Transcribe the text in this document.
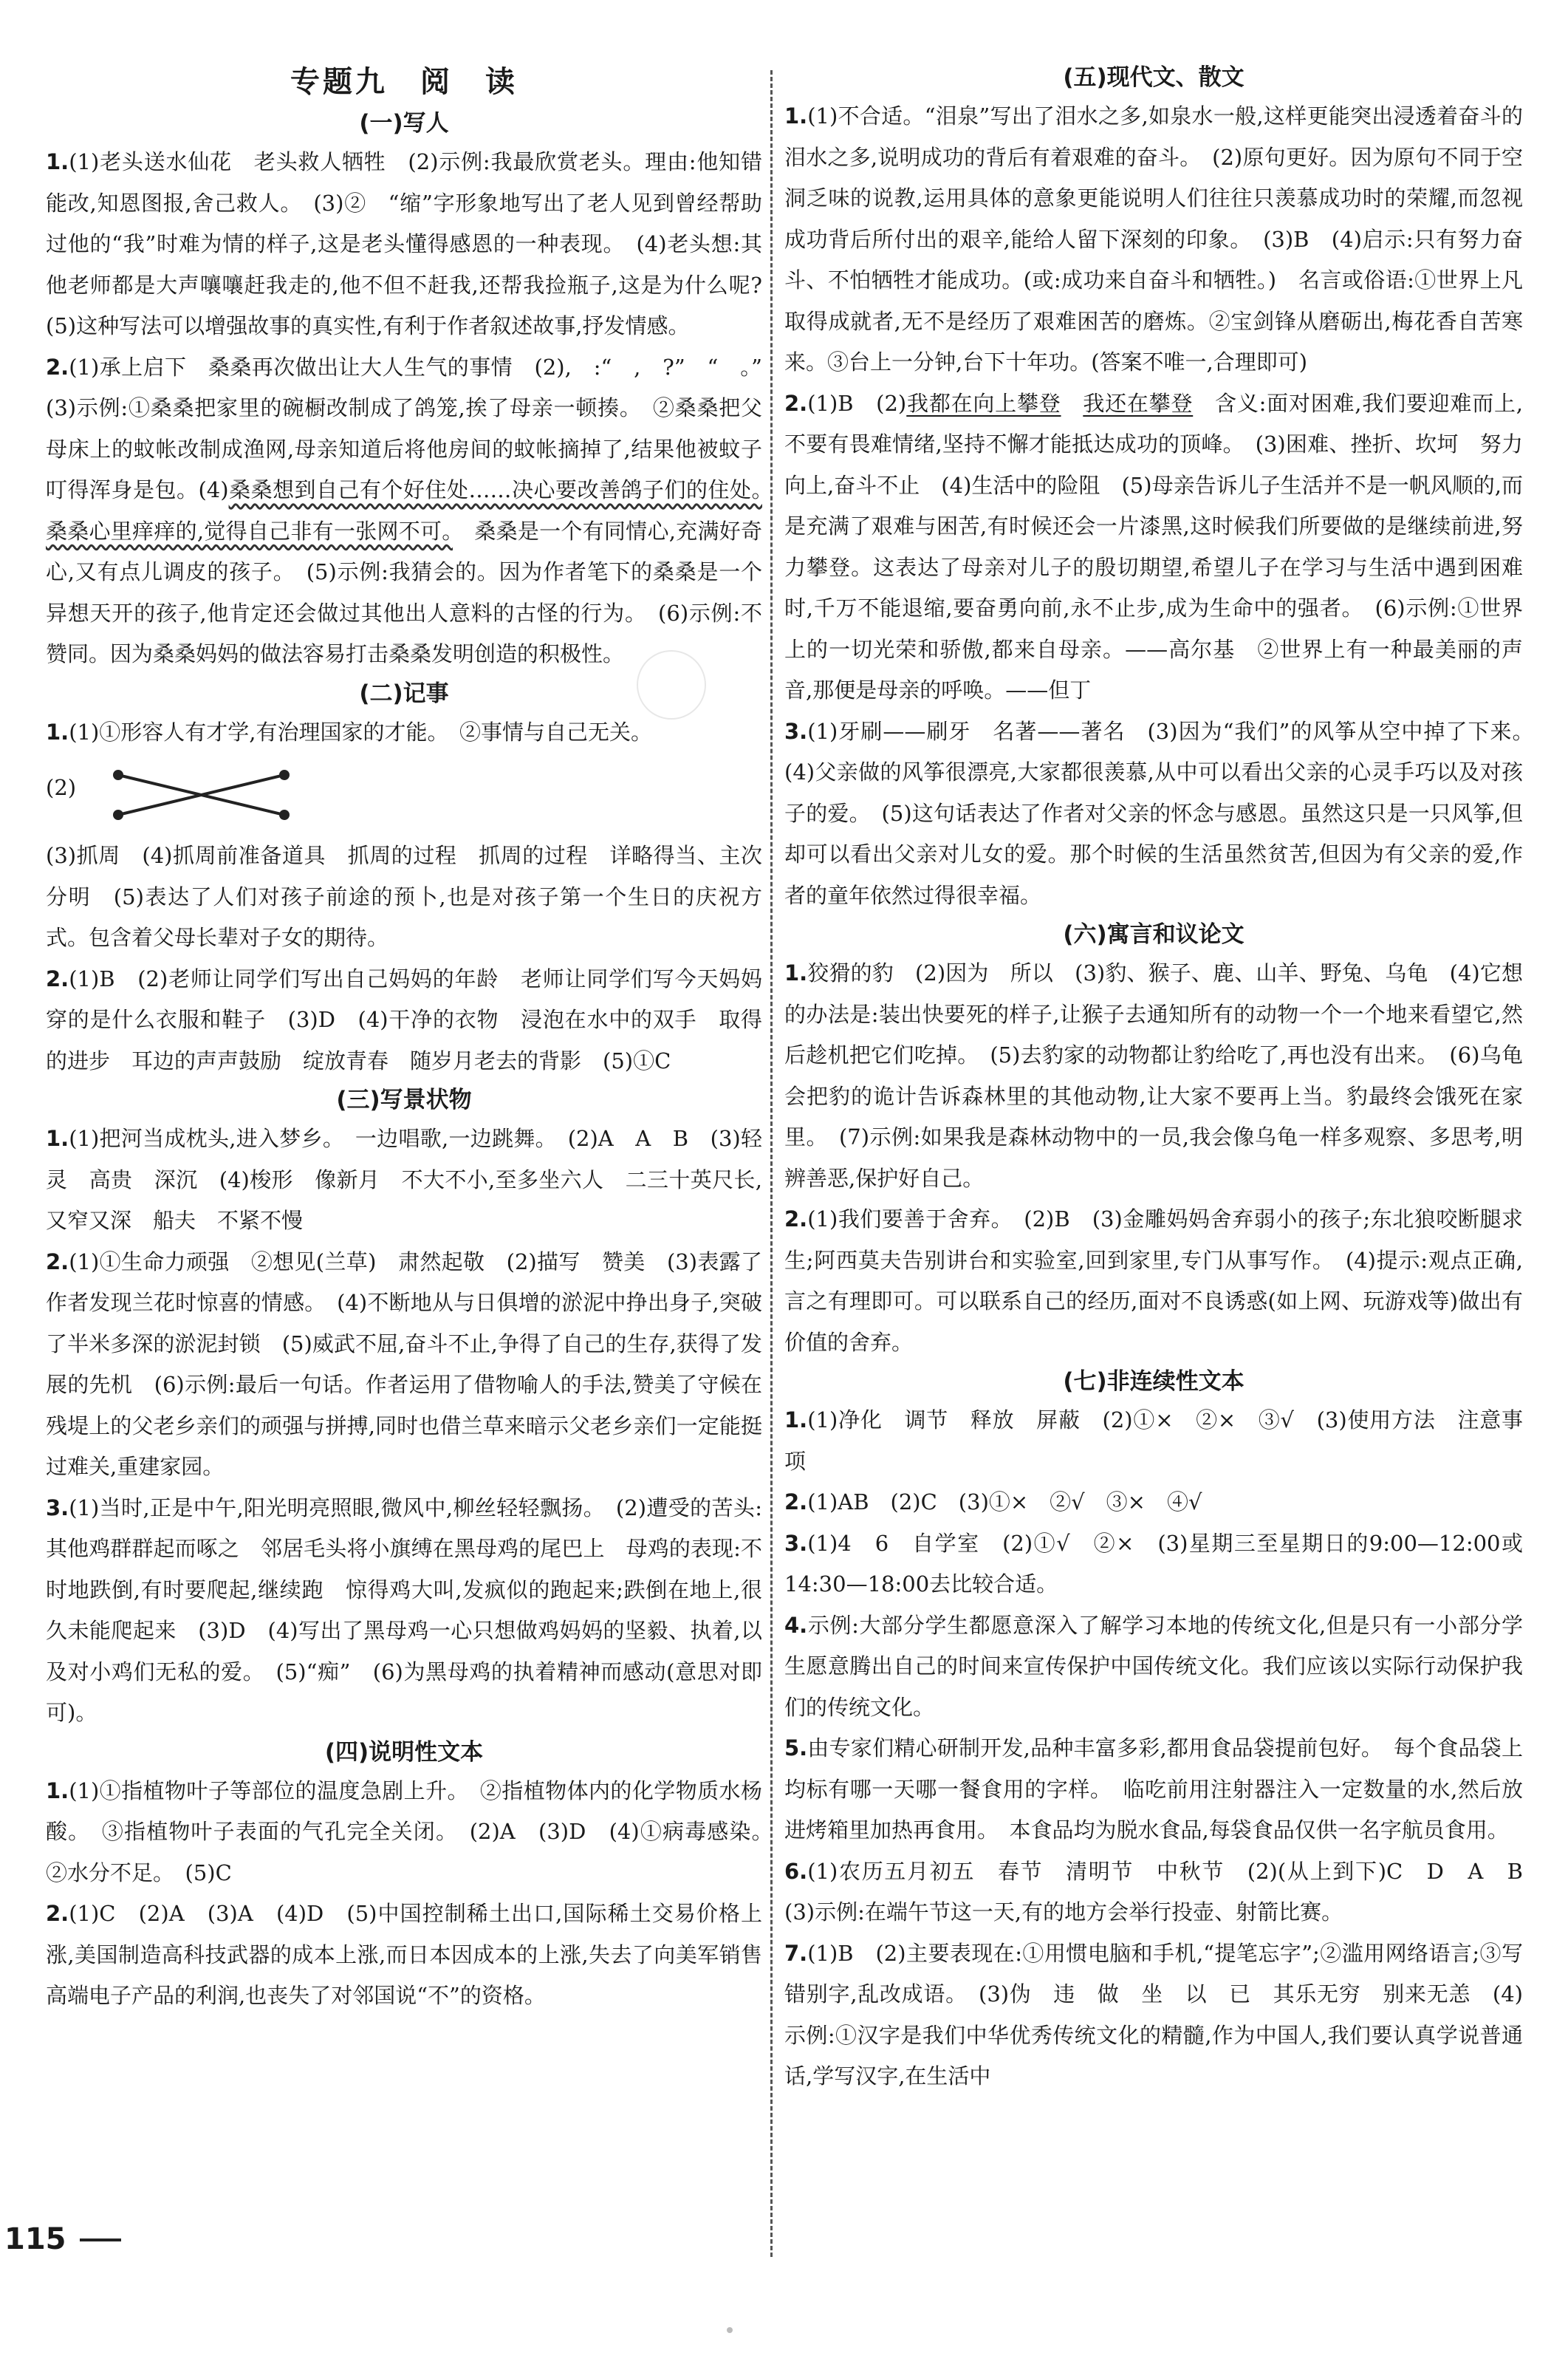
专题九　阅　读
(一)写人

1.(1)老头送水仙花　老头救人牺牲　(2)示例:我最欣赏老头。理由:他知错能改,知恩图报,舍己救人。　(3)②　“缩”字形象地写出了老人见到曾经帮助过他的“我”时难为情的样子,这是老头懂得感恩的一种表现。　(4)老头想:其他老师都是大声嚷嚷赶我走的,他不但不赶我,还帮我捡瓶子,这是为什么呢?　(5)这种写法可以增强故事的真实性,有利于作者叙述故事,抒发情感。

2.(1)承上启下　桑桑再次做出让大人生气的事情　(2),　:“　,　?”　“　。”　(3)示例:①桑桑把家里的碗橱改制成了鸽笼,挨了母亲一顿揍。　②桑桑把父母床上的蚊帐改制成渔网,母亲知道后将他房间的蚊帐摘掉了,结果他被蚊子叮得浑身是包。(4)桑桑想到自己有个好住处……决心要改善鸽子们的住处。　桑桑心里痒痒的,觉得自己非有一张网不可。　桑桑是一个有同情心,充满好奇心,又有点儿调皮的孩子。　(5)示例:我猜会的。因为作者笔下的桑桑是一个异想天开的孩子,他肯定还会做过其他出人意料的古怪的行为。　(6)示例:不赞同。因为桑桑妈妈的做法容易打击桑桑发明创造的积极性。

(二)记事

1.(1)①形容人有才学,有治理国家的才能。　②事情与自己无关。

(2)

(3)抓周　(4)抓周前准备道具　抓周的过程　抓周的过程　详略得当、主次分明　(5)表达了人们对孩子前途的预卜,也是对孩子第一个生日的庆祝方式。包含着父母长辈对子女的期待。

2.(1)B　(2)老师让同学们写出自己妈妈的年龄　老师让同学们写今天妈妈穿的是什么衣服和鞋子　(3)D　(4)干净的衣物　浸泡在水中的双手　取得的进步　耳边的声声鼓励　绽放青春　随岁月老去的背影　(5)①C

(三)写景状物

1.(1)把河当成枕头,进入梦乡。　一边唱歌,一边跳舞。　(2)A　A　B　(3)轻灵　高贵　深沉　(4)梭形　像新月　不大不小,至多坐六人　二三十英尺长,又窄又深　船夫　不紧不慢

2.(1)①生命力顽强　②想见(兰草)　肃然起敬　(2)描写　赞美　(3)表露了作者发现兰花时惊喜的情感。　(4)不断地从与日俱增的淤泥中挣出身子,突破了半米多深的淤泥封锁　(5)威武不屈,奋斗不止,争得了自己的生存,获得了发展的先机　(6)示例:最后一句话。作者运用了借物喻人的手法,赞美了守候在残堤上的父老乡亲们的顽强与拼搏,同时也借兰草来暗示父老乡亲们一定能挺过难关,重建家园。

3.(1)当时,正是中午,阳光明亮照眼,微风中,柳丝轻轻飘扬。　(2)遭受的苦头:其他鸡群群起而啄之　邻居毛头将小旗缚在黑母鸡的尾巴上　母鸡的表现:不时地跌倒,有时要爬起,继续跑　惊得鸡大叫,发疯似的跑起来;跌倒在地上,很久未能爬起来　(3)D　(4)写出了黑母鸡一心只想做鸡妈妈的坚毅、执着,以及对小鸡们无私的爱。　(5)“痴”　(6)为黑母鸡的执着精神而感动(意思对即可)。

(四)说明性文本

1.(1)①指植物叶子等部位的温度急剧上升。　②指植物体内的化学物质水杨酸。　③指植物叶子表面的气孔完全关闭。　(2)A　(3)D　(4)①病毒感染。　②水分不足。　(5)C

2.(1)C　(2)A　(3)A　(4)D　(5)中国控制稀土出口,国际稀土交易价格上涨,美国制造高科技武器的成本上涨,而日本因成本的上涨,失去了向美军销售高端电子产品的利润,也丧失了对邻国说“不”的资格。

(五)现代文、散文

1.(1)不合适。“泪泉”写出了泪水之多,如泉水一般,这样更能突出浸透着奋斗的泪水之多,说明成功的背后有着艰难的奋斗。　(2)原句更好。因为原句不同于空洞乏味的说教,运用具体的意象更能说明人们往往只羡慕成功时的荣耀,而忽视成功背后所付出的艰辛,能给人留下深刻的印象。　(3)B　(4)启示:只有努力奋斗、不怕牺牲才能成功。(或:成功来自奋斗和牺牲。)　名言或俗语:①世界上凡取得成就者,无不是经历了艰难困苦的磨炼。②宝剑锋从磨砺出,梅花香自苦寒来。③台上一分钟,台下十年功。(答案不唯一,合理即可)

2.(1)B　(2)我都在向上攀登　 我还在攀登　含义:面对困难,我们要迎难而上,不要有畏难情绪,坚持不懈才能抵达成功的顶峰。　(3)困难、挫折、坎坷　努力向上,奋斗不止　(4)生活中的险阻　(5)母亲告诉儿子生活并不是一帆风顺的,而是充满了艰难与困苦,有时候还会一片漆黑,这时候我们所要做的是继续前进,努力攀登。这表达了母亲对儿子的殷切期望,希望儿子在学习与生活中遇到困难时,千万不能退缩,要奋勇向前,永不止步,成为生命中的强者。　(6)示例:①世界上的一切光荣和骄傲,都来自母亲。——高尔基　②世界上有一种最美丽的声音,那便是母亲的呼唤。——但丁

3.(1)牙刷——刷牙　名著——著名　(3)因为“我们”的风筝从空中掉了下来。　(4)父亲做的风筝很漂亮,大家都很羡慕,从中可以看出父亲的心灵手巧以及对孩子的爱。　(5)这句话表达了作者对父亲的怀念与感恩。虽然这只是一只风筝,但却可以看出父亲对儿女的爱。那个时候的生活虽然贫苦,但因为有父亲的爱,作者的童年依然过得很幸福。

(六)寓言和议论文

1.狡猾的豹　(2)因为　所以　(3)豹、猴子、鹿、山羊、野兔、乌龟　(4)它想的办法是:装出快要死的样子,让猴子去通知所有的动物一个一个地来看望它,然后趁机把它们吃掉。　(5)去豹家的动物都让豹给吃了,再也没有出来。　(6)乌龟会把豹的诡计告诉森林里的其他动物,让大家不要再上当。豹最终会饿死在家里。　(7)示例:如果我是森林动物中的一员,我会像乌龟一样多观察、多思考,明辨善恶,保护好自己。

2.(1)我们要善于舍弃。　(2)B　(3)金雕妈妈舍弃弱小的孩子;东北狼咬断腿求生;阿西莫夫告别讲台和实验室,回到家里,专门从事写作。　(4)提示:观点正确,言之有理即可。可以联系自己的经历,面对不良诱惑(如上网、玩游戏等)做出有价值的舍弃。

(七)非连续性文本

1.(1)净化　调节　释放　屏蔽　(2)①×　②×　③√　(3)使用方法　注意事项

2.(1)AB　(2)C　(3)①×　②√　③×　④√

3.(1)4　6　自学室　(2)①√　②×　(3)星期三至星期日的9:00—12:00或14:30—18:00去比较合适。

4.示例:大部分学生都愿意深入了解学习本地的传统文化,但是只有一小部分学生愿意腾出自己的时间来宣传保护中国传统文化。我们应该以实际行动保护我们的传统文化。

5.由专家们精心研制开发,品种丰富多彩,都用食品袋提前包好。　每个食品袋上均标有哪一天哪一餐食用的字样。　临吃前用注射器注入一定数量的水,然后放进烤箱里加热再食用。　本食品均为脱水食品,每袋食品仅供一名字航员食用。

6.(1)农历五月初五　春节　清明节　中秋节　(2)(从上到下)C　D　A　B　(3)示例:在端午节这一天,有的地方会举行投壶、射箭比赛。

7.(1)B　(2)主要表现在:①用惯电脑和手机,“提笔忘字”;②滥用网络语言;③写错别字,乱改成语。　(3)伪　违　做　坐　以　已　其乐无穷　别来无恙　(4)示例:①汉字是我们中华优秀传统文化的精髓,作为中国人,我们要认真学说普通话,学写汉字,在生活中

115
